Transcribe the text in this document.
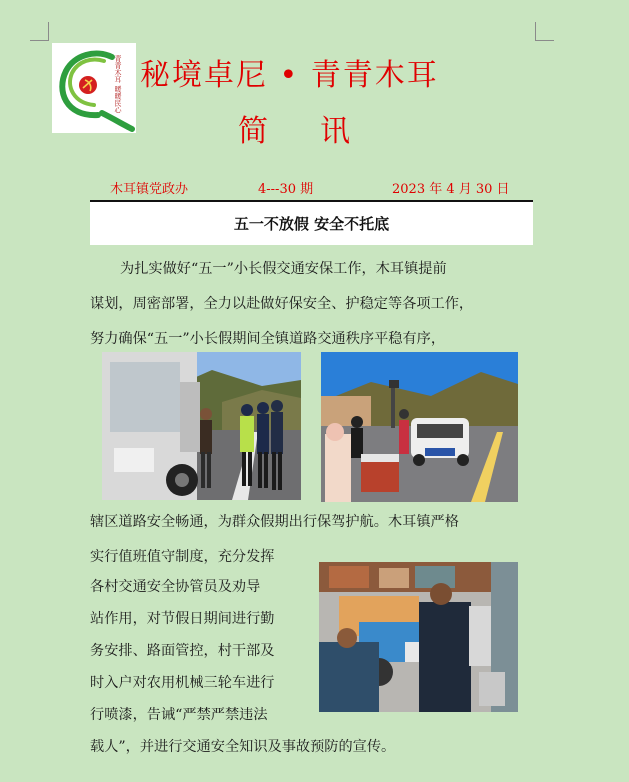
青青木耳 暖暖民心 秘境卓尼 • 青青木耳
简讯
木耳镇党政办	4---30 期	2023 年 4 月 30 日
五一不放假 安全不托底
为扎实做好“五一”小长假交通安保工作，木耳镇提前
谋划，周密部署，全力以赴做好保安全、护稳定等各项工作，
努力确保“五一”小长假期间全镇道路交通秩序平稳有序，
辖区道路安全畅通，为群众假期出行保驾护航。木耳镇严格
实行值班值守制度，充分发挥
各村交通安全协管员及劝导
站作用，对节假日期间进行勤
务安排、路面管控，村干部及
时入户对农用机械三轮车进行
行喷漆，告诫“严禁严禁违法
载人”，并进行交通安全知识及事故预防的宣传。
